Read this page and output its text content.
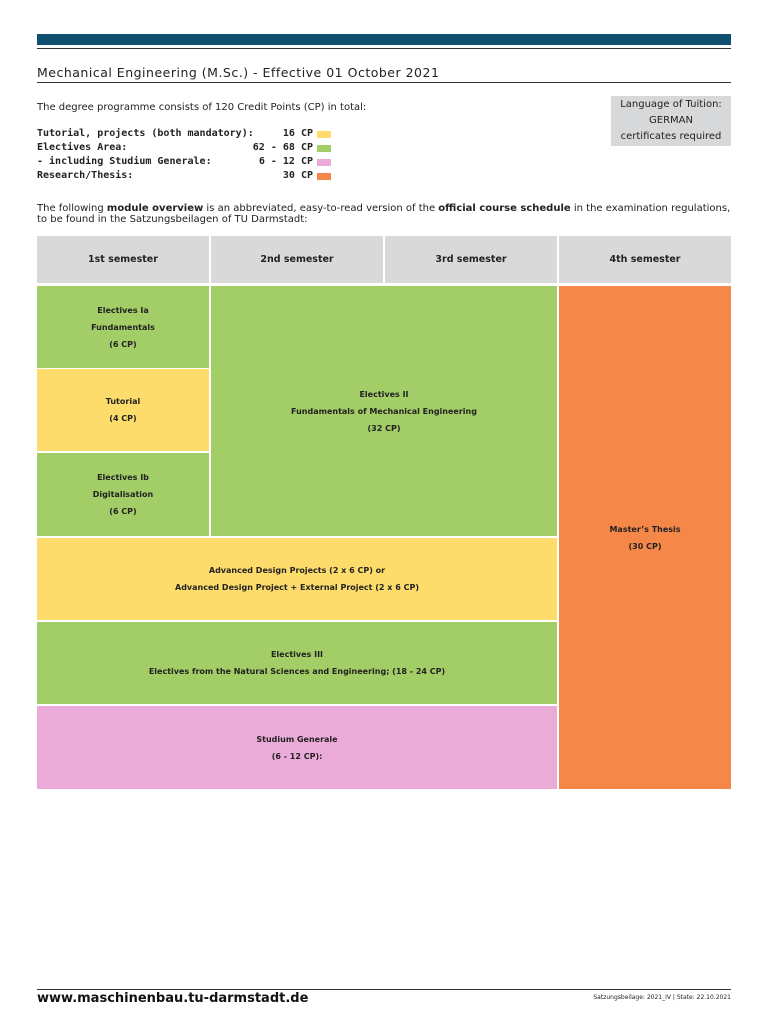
Mechanical Engineering (M.Sc.) - Effective 01 October 2021
The degree programme consists of 120 Credit Points (CP) in total:
Tutorial, projects (both mandatory):	16 CP
Electives Area:	62 - 68 CP
- including Studium Generale:	6 - 12 CP
Research/Thesis:	30 CP
Language of Tuition:
GERMAN
certificates required
The following module overview is an abbreviated, easy-to-read version of the official course schedule in the examination regulations, to be found in the Satzungsbeilagen of TU Darmstadt:
1st semester	2nd semester	3rd semester	4th semester
Electives Ia
Fundamentals
(6 CP)
Tutorial
(4 CP)
Electives Ib
Digitalisation
(6 CP)
Electives II
Fundamentals of Mechanical Engineering
(32 CP)
Advanced Design Projects (2 x 6 CP) or
Advanced Design Project + External Project (2 x 6 CP)
Electives III
Electives from the Natural Sciences and Engineering; (18 - 24 CP)
Studium Generale
(6 - 12 CP):
Master’s Thesis
(30 CP)
www.maschinenbau.tu-darmstadt.de	Satzungsbeilage: 2021_IV | State: 22.10.2021
